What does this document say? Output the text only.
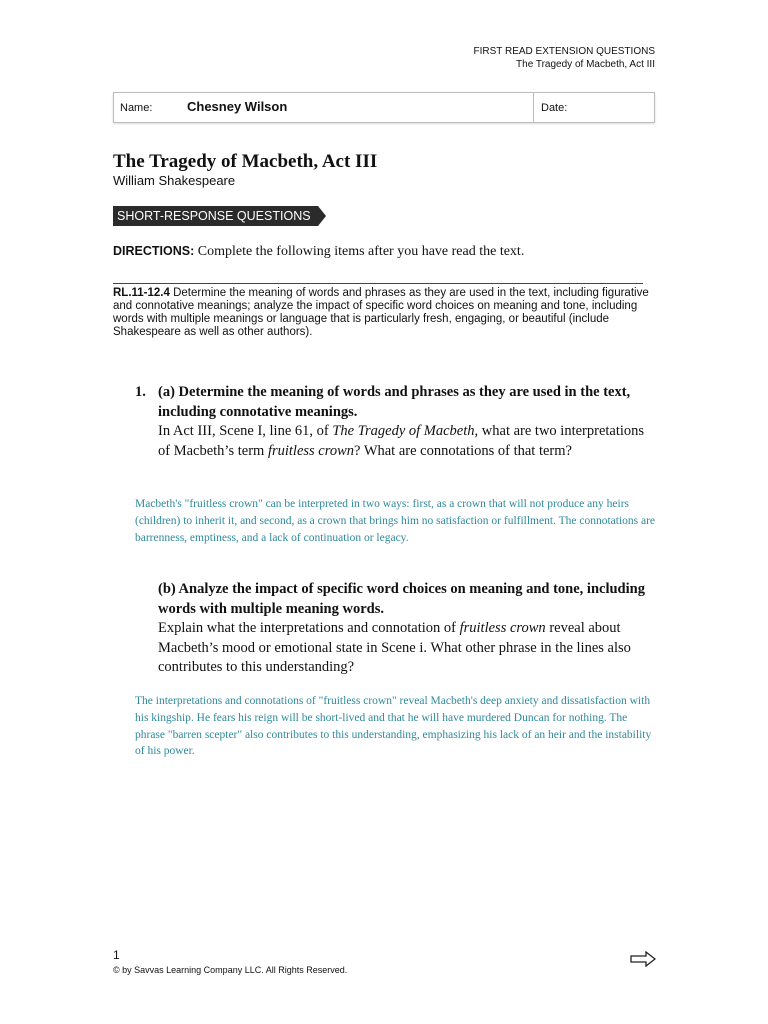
FIRST READ EXTENSION QUESTIONS
The Tragedy of Macbeth, Act III
Name:	Chesney Wilson	Date:
The Tragedy of Macbeth, Act III
William Shakespeare
SHORT-RESPONSE QUESTIONS
DIRECTIONS: Complete the following items after you have read the text.
RL.11-12.4 Determine the meaning of words and phrases as they are used in the text, including figurative and connotative meanings; analyze the impact of specific word choices on meaning and tone, including words with multiple meanings or language that is particularly fresh, engaging, or beautiful (include Shakespeare as well as other authors).
1. (a) Determine the meaning of words and phrases as they are used in the text, including connotative meanings.
In Act III, Scene I, line 61, of The Tragedy of Macbeth, what are two interpretations of Macbeth’s term fruitless crown? What are connotations of that term?
Macbeth's "fruitless crown" can be interpreted in two ways: first, as a crown that will not produce any heirs (children) to inherit it, and second, as a crown that brings him no satisfaction or fulfillment. The connotations are barrenness, emptiness, and a lack of continuation or legacy.
(b) Analyze the impact of specific word choices on meaning and tone, including words with multiple meaning words.
Explain what the interpretations and connotation of fruitless crown reveal about Macbeth’s mood or emotional state in Scene i. What other phrase in the lines also contributes to this understanding?
The interpretations and connotations of "fruitless crown" reveal Macbeth's deep anxiety and dissatisfaction with his kingship. He fears his reign will be short-lived and that he will have murdered Duncan for nothing. The phrase "barren scepter" also contributes to this understanding, emphasizing his lack of an heir and the instability of his power.
1
© by Savvas Learning Company LLC. All Rights Reserved.
